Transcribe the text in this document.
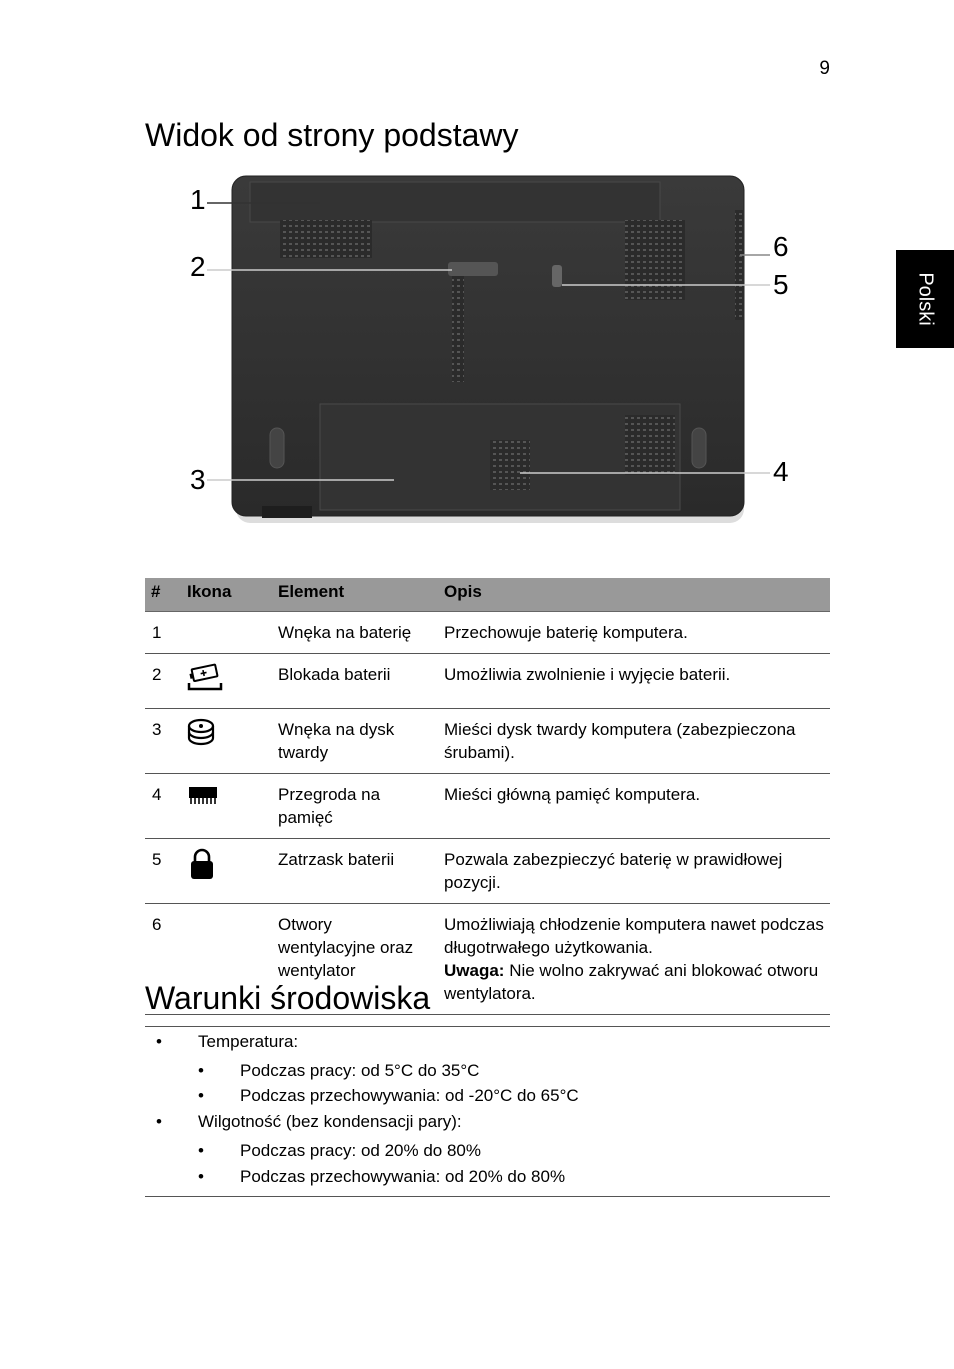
9
Polski
Widok od strony podstawy
1
2
3	4
5
6
#	Ikona	Element	Opis
1		Wnęka na baterię	Przechowuje baterię komputera.
2		Blokada baterii	Umożliwia zwolnienie i wyjęcie baterii.
3		Wnęka na dysk twardy	Mieści dysk twardy komputera (zabezpieczona śrubami).
4		Przegroda na pamięć	Mieści główną pamięć komputera.
5		Zatrzask baterii	Pozwala zabezpieczyć baterię w prawidłowej pozycji.
6		Otwory wentylacyjne oraz wentylator	Umożliwiają chłodzenie komputera nawet podczas długotrwałego użytkowania.
Uwaga: Nie wolno zakrywać ani blokować otworu wentylatora.
Warunki środowiska
• Temperatura:
• Podczas pracy: od 5°C do 35°C
• Podczas przechowywania: od -20°C do 65°C
• Wilgotność (bez kondensacji pary):
• Podczas pracy: od 20% do 80%
• Podczas przechowywania: od 20% do 80%
